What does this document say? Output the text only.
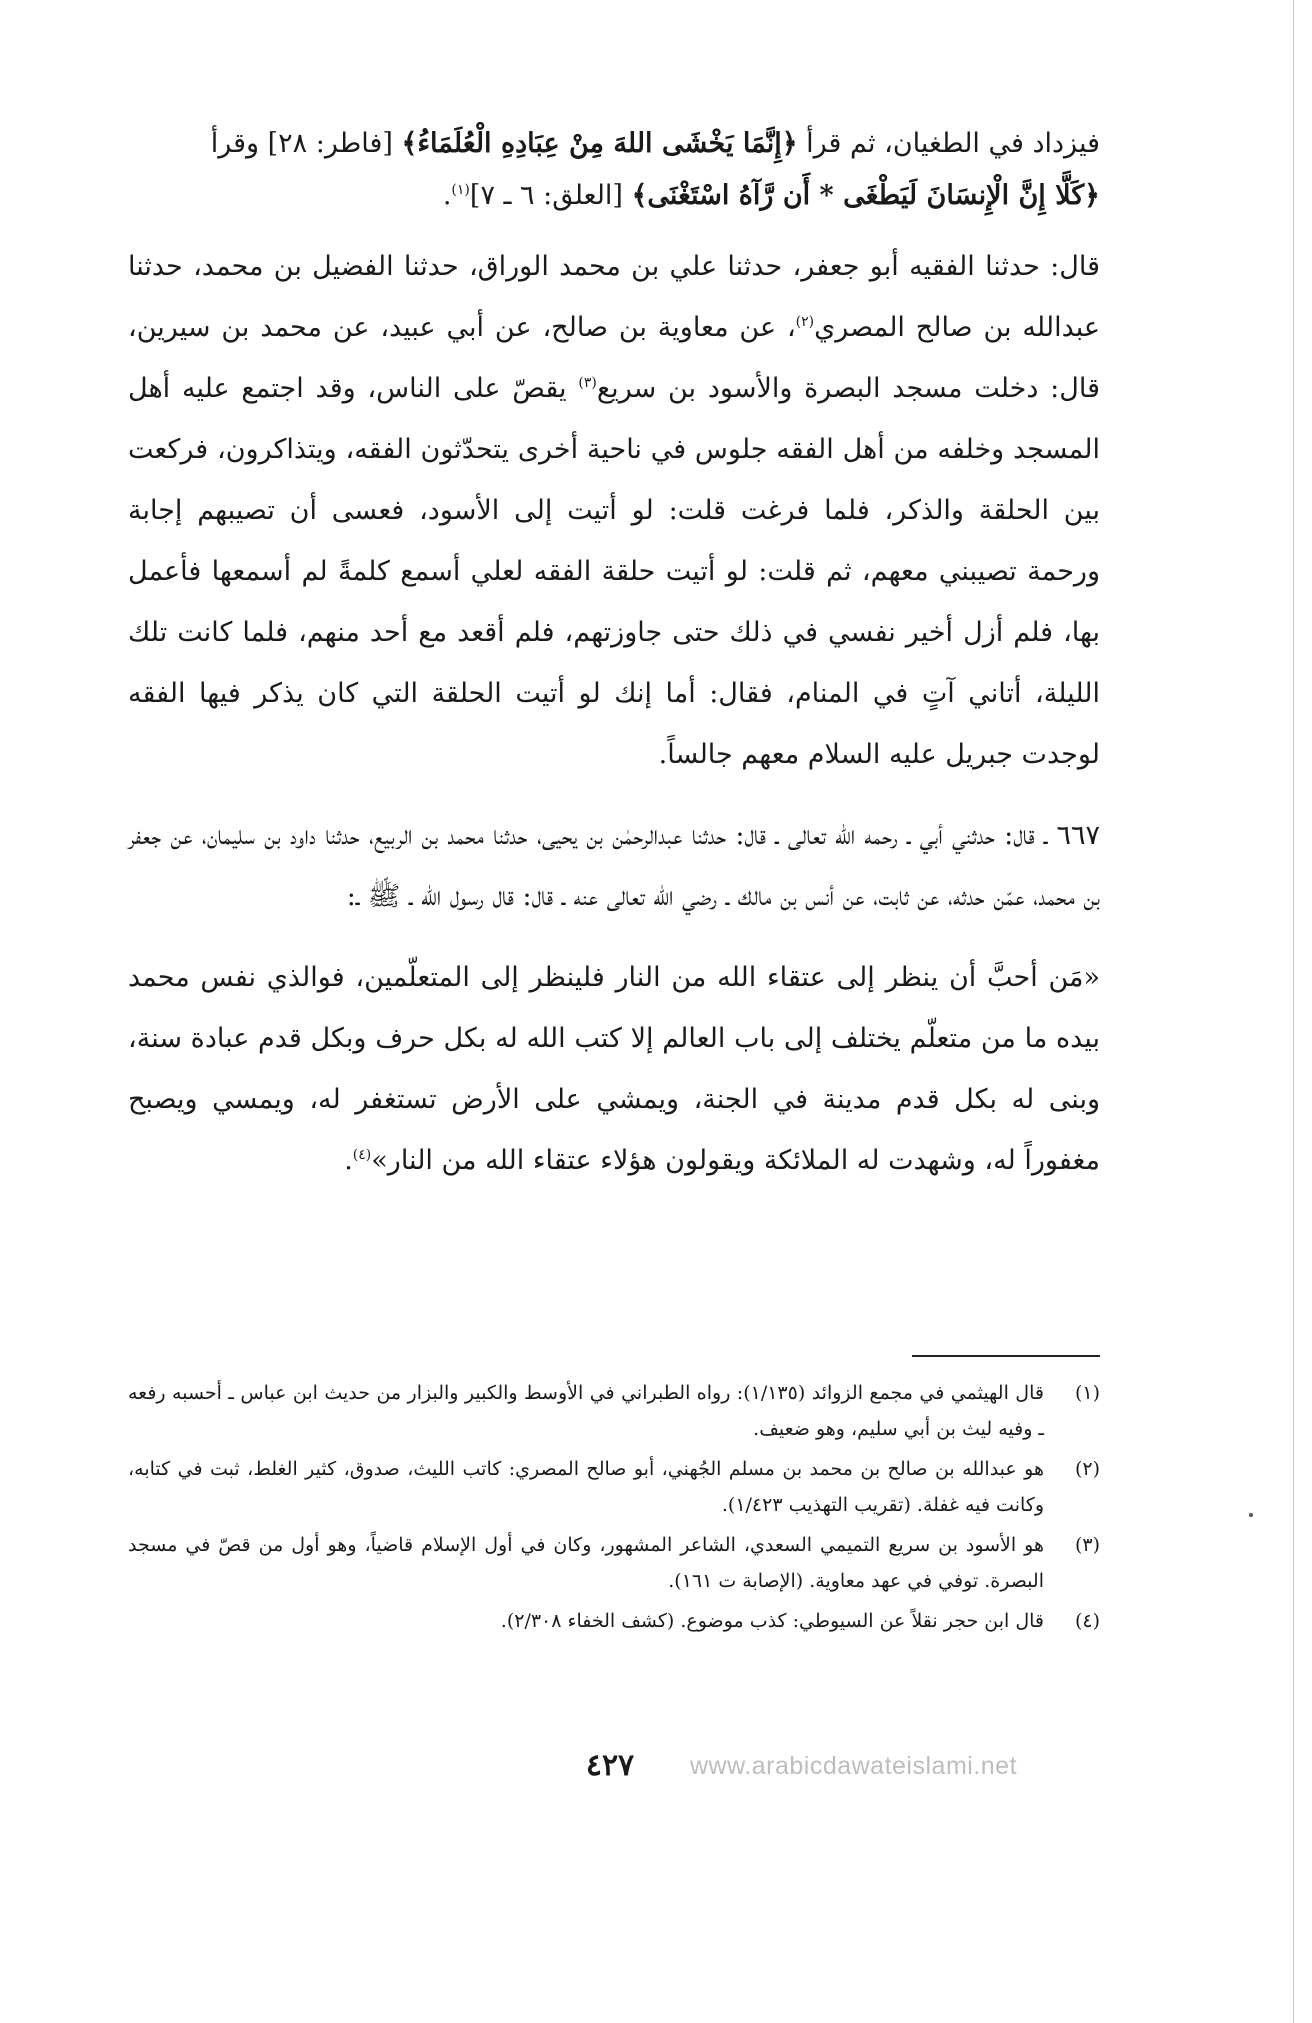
فيزداد في الطغيان، ثم قرأ ﴿إِنَّمَا يَخْشَى اللهَ مِنْ عِبَادِهِ الْعُلَمَاءُ﴾ [فاطر: ٢٨] وقرأ
﴿كَلَّا إِنَّ الْإِنسَانَ لَيَطْغَى * أَن رَّآهُ اسْتَغْنَى﴾ [العلق: ٦ ـ ٧]$^{(١)}$.

قال: حدثنا الفقيه أبو جعفر، حدثنا علي بن محمد الوراق، حدثنا الفضيل بن محمد، حدثنا عبدالله بن صالح المصري$^{(٢)}$، عن معاوية بن صالح، عن أبي عبيد، عن محمد بن سيرين، قال: دخلت مسجد البصرة والأسود بن سريع$^{(٣)}$ يقصّ على الناس، وقد اجتمع عليه أهل المسجد وخلفه من أهل الفقه جلوس في ناحية أخرى يتحدّثون الفقه، ويتذاكرون، فركعت بين الحلقة والذكر، فلما فرغت قلت: لو أتيت إلى الأسود، فعسى أن تصيبهم إجابة ورحمة تصيبني معهم، ثم قلت: لو أتيت حلقة الفقه لعلي أسمع كلمةً لم أسمعها فأعمل بها، فلم أزل أخير نفسي في ذلك حتى جاوزتهم، فلم أقعد مع أحد منهم، فلما كانت تلك الليلة، أتاني آتٍ في المنام، فقال: أما إنك لو أتيت الحلقة التي كان يذكر فيها الفقه لوجدت جبريل عليه السلام معهم جالساً.

٦٦٧ ـ قال: حدثني أبي ـ رحمه الله تعالى ـ قال: حدثنا عبدالرحمٰن بن يحيى، حدثنا محمد بن الربيع، حدثنا داود بن سليمان، عن جعفر بن محمد، عمّن حدثه، عن ثابت، عن أنس بن مالك ـ رضي الله تعالى عنه ـ قال: قال رسول الله ـ ﷺ ـ:

«مَن أحبَّ أن ينظر إلى عتقاء الله من النار فلينظر إلى المتعلّمين، فوالذي نفس محمد بيده ما من متعلّم يختلف إلى باب العالم إلا كتب الله له بكل حرف وبكل قدم عبادة سنة، وبنى له بكل قدم مدينة في الجنة، ويمشي على الأرض تستغفر له، ويمسي ويصبح مغفوراً له، وشهدت له الملائكة ويقولون هؤلاء عتقاء الله من النار»$^{(٤)}$.

(١)
قال الهيثمي في مجمع الزوائد (١/١٣٥): رواه الطبراني في الأوسط والكبير والبزار من حديث ابن عباس ـ أحسبه رفعه ـ وفيه ليث بن أبي سليم، وهو ضعيف.
(٢)
هو عبدالله بن صالح بن محمد بن مسلم الجُهني، أبو صالح المصري: كاتب الليث، صدوق، كثير الغلط، ثبت في كتابه، وكانت فيه غفلة. (تقريب التهذيب ١/٤٢٣).
(٣)
هو الأسود بن سريع التميمي السعدي، الشاعر المشهور، وكان في أول الإسلام قاضياً، وهو أول من قصّ في مسجد البصرة. توفي في عهد معاوية. (الإصابة ت ١٦١).
(٤)
قال ابن حجر نقلاً عن السيوطي: كذب موضوع. (كشف الخفاء ٢/٣٠٨).
٤٢٧	www.arabicdawateislami.net
